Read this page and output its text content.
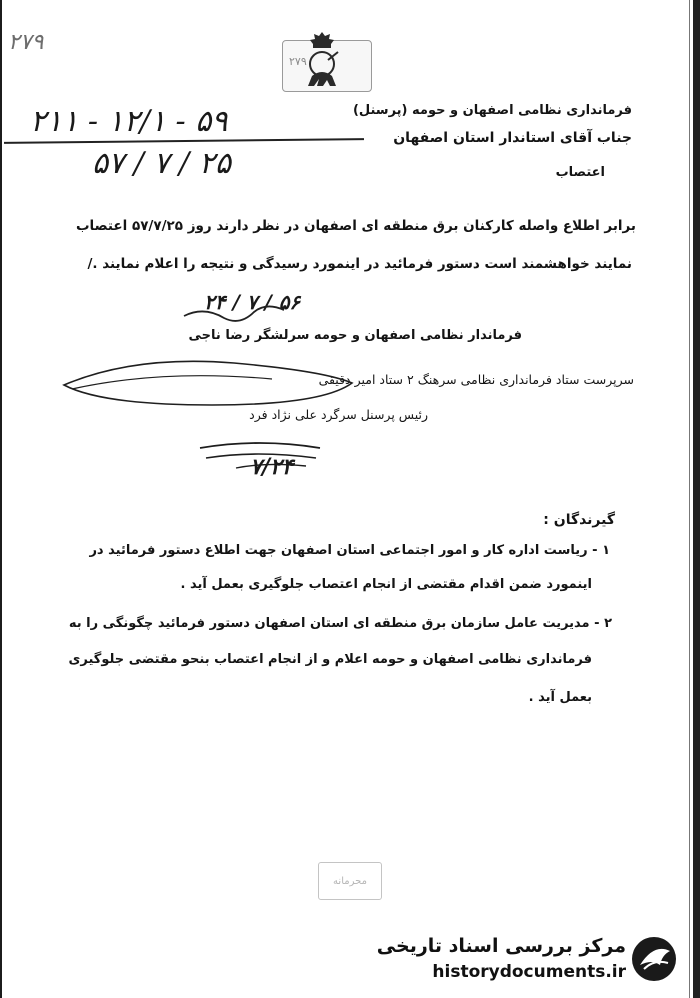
۲۷۹
۲۷۹
۲۱۱ - ۱۲/۱ - ۵۹
۵۷ / ۷ / ۲۵
فرمانداری نظامی اصفهان و حومه (پرسنل)
جناب آقای استاندار استان اصفهان
اعتصاب
برابر اطلاع واصله کارکنان برق منطقه ای اصفهان در نظر دارند روز ۵۷/۷/۲۵ اعتصاب
نمایند خواهشمند است دستور فرمائید در اینمورد رسیدگی و نتیجه را اعلام نمایند ./
۲۴ / ۷ / ۵۶
فرماندار نظامی اصفهان و حومه سرلشگر رضا ناجی
سرپرست ستاد فرمانداری نظامی سرهنگ ۲ ستاد امیر دقیقی
رئیس پرسنل سرگرد علی نژاد فرد
۷/۲۴
گیرندگان :
۱ - ریاست اداره کار و امور اجتماعی استان اصفهان جهت اطلاع دستور فرمائید در
اینمورد ضمن اقدام مقتضی از انجام اعتصاب جلوگیری بعمل آید .
۲ - مدیریت عامل سازمان برق منطقه ای استان اصفهان دستور فرمائید چگونگی را به
فرمانداری نظامی اصفهان و حومه اعلام و از انجام اعتصاب بنحو مقتضی جلوگیری
بعمل آید .
محرمانه
مرکز بررسی اسناد تاریخی
historydocuments.ir
